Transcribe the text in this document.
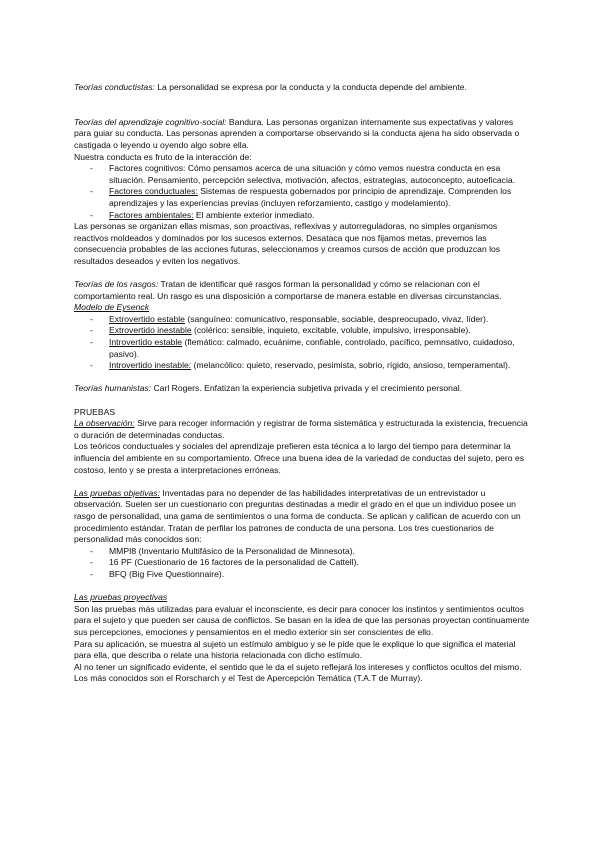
Teorías conductistas: La personalidad se expresa por la conducta y la conducta depende del ambiente.

Teorías del aprendizaje cognitivo-social: Bandura. Las personas organizan internamente sus expectativas y valores para guiar su conducta. Las personas aprenden a comportarse observando si la conducta ajena ha sido observada o castigada o leyendo u oyendo algo sobre ella.

Nuestra conducta es fruto de la interacción de:

- Factores cognitivos: Cómo pensamos acerca de una situación y cómo vemos nuestra conducta en esa situación. Pensamiento, percepción selectiva, motivación, afectos, estrategias, autoconcepto, autoeficacia.
- Factores conductuales: Sistemas de respuesta gobernados por principio de aprendizaje. Comprenden los aprendizajes y las experiencias previas (incluyen reforzamiento, castigo y modelamiento).
- Factores ambientales: El ambiente exterior inmediato.

Las personas se organizan ellas mismas, son proactivas, reflexivas y autorreguladoras, no simples organismos reactivos moldeados y dominados por los sucesos externos. Desataca que nos fijamos metas, prevemos las consecuencia probables de las acciones futuras, seleccionamos y creamos cursos de acción que produzcan los resultados deseados y eviten los negativos.

Teorías de los rasgos: Tratan de identificar qué rasgos forman la personalidad y cómo se relacionan con el comportamiento real. Un rasgo es una disposición a comportarse de manera estable en diversas circunstancias.

Modelo de Eysenck

- Extrovertido estable (sanguíneo: comunicativo, responsable, sociable, despreocupado, vivaz, líder).
- Extrovertido inestable (colérico: sensible, inquieto, excitable, voluble, impulsivo, irresponsable).
- Introvertido estable (flemático: calmado, ecuánime, confiable, controlado, pacífico, pemnsativo, cuidadoso, pasivo).
- Introvertido inestable: (melancólico: quieto, reservado, pesimista, sobrio, rígido, ansioso, temperamental).

Teorías humanistas: Carl Rogers. Enfatizan la experiencia subjetiva privada y el crecimiento personal.

PRUEBAS

La observación: Sirve para recoger información y registrar de forma sistemática y estructurada la existencia, frecuencia o duración de determinadas conductas.

Los teóricos conductuales y sociales del aprendizaje prefieren esta técnica a lo largo del tiempo para determinar la influencia del ambiente en su comportamiento. Ofrece una buena idea de la variedad de conductas del sujeto, pero es costoso, lento y se presta a interpretaciones erróneas.

Las pruebas objetivas: Inventadas para no depender de las habilidades interpretativas de un entrevistador u observación. Suelen ser un cuestionario con preguntas destinadas a medir el grado en el que un individuo posee un rasgo de personalidad, una gama de sentimientos o una forma de conducta. Se aplican y califican de acuerdo con un procedimiento estándar. Tratan de perfilar los patrones de conducta de una persona. Los tres cuestionarios de personalidad más conocidos son:

- MMPI8 (Inventario Multifásico de la Personalidad de Minnesota).
- 16 PF (Cuestionario de 16 factores de la personalidad de Cattell).
- BFQ (Big Five Questionnaire).

Las pruebas proyectivas

Son las pruebas más utilizadas para evaluar el inconsciente, es decir para conocer los instintos y sentimientos ocultos para el sujeto y que pueden ser causa de conflictos. Se basan en la idea de que las personas proyectan continuamente sus percepciones, emociones y pensamientos en el medio exterior sin ser conscientes de ello.

Para su aplicación, se muestra al sujeto un estímulo ambiguo y se le pide que le explique lo que significa el material para ella, que describa o relate una historia relacionada con dicho estímulo.

Al no tener un significado evidente, el sentido que le da el sujeto reflejará los intereses y conflictos ocultos del mismo. Los más conocidos son el Rorscharch y el Test de Apercepción Temática (T.A.T de Murray).
